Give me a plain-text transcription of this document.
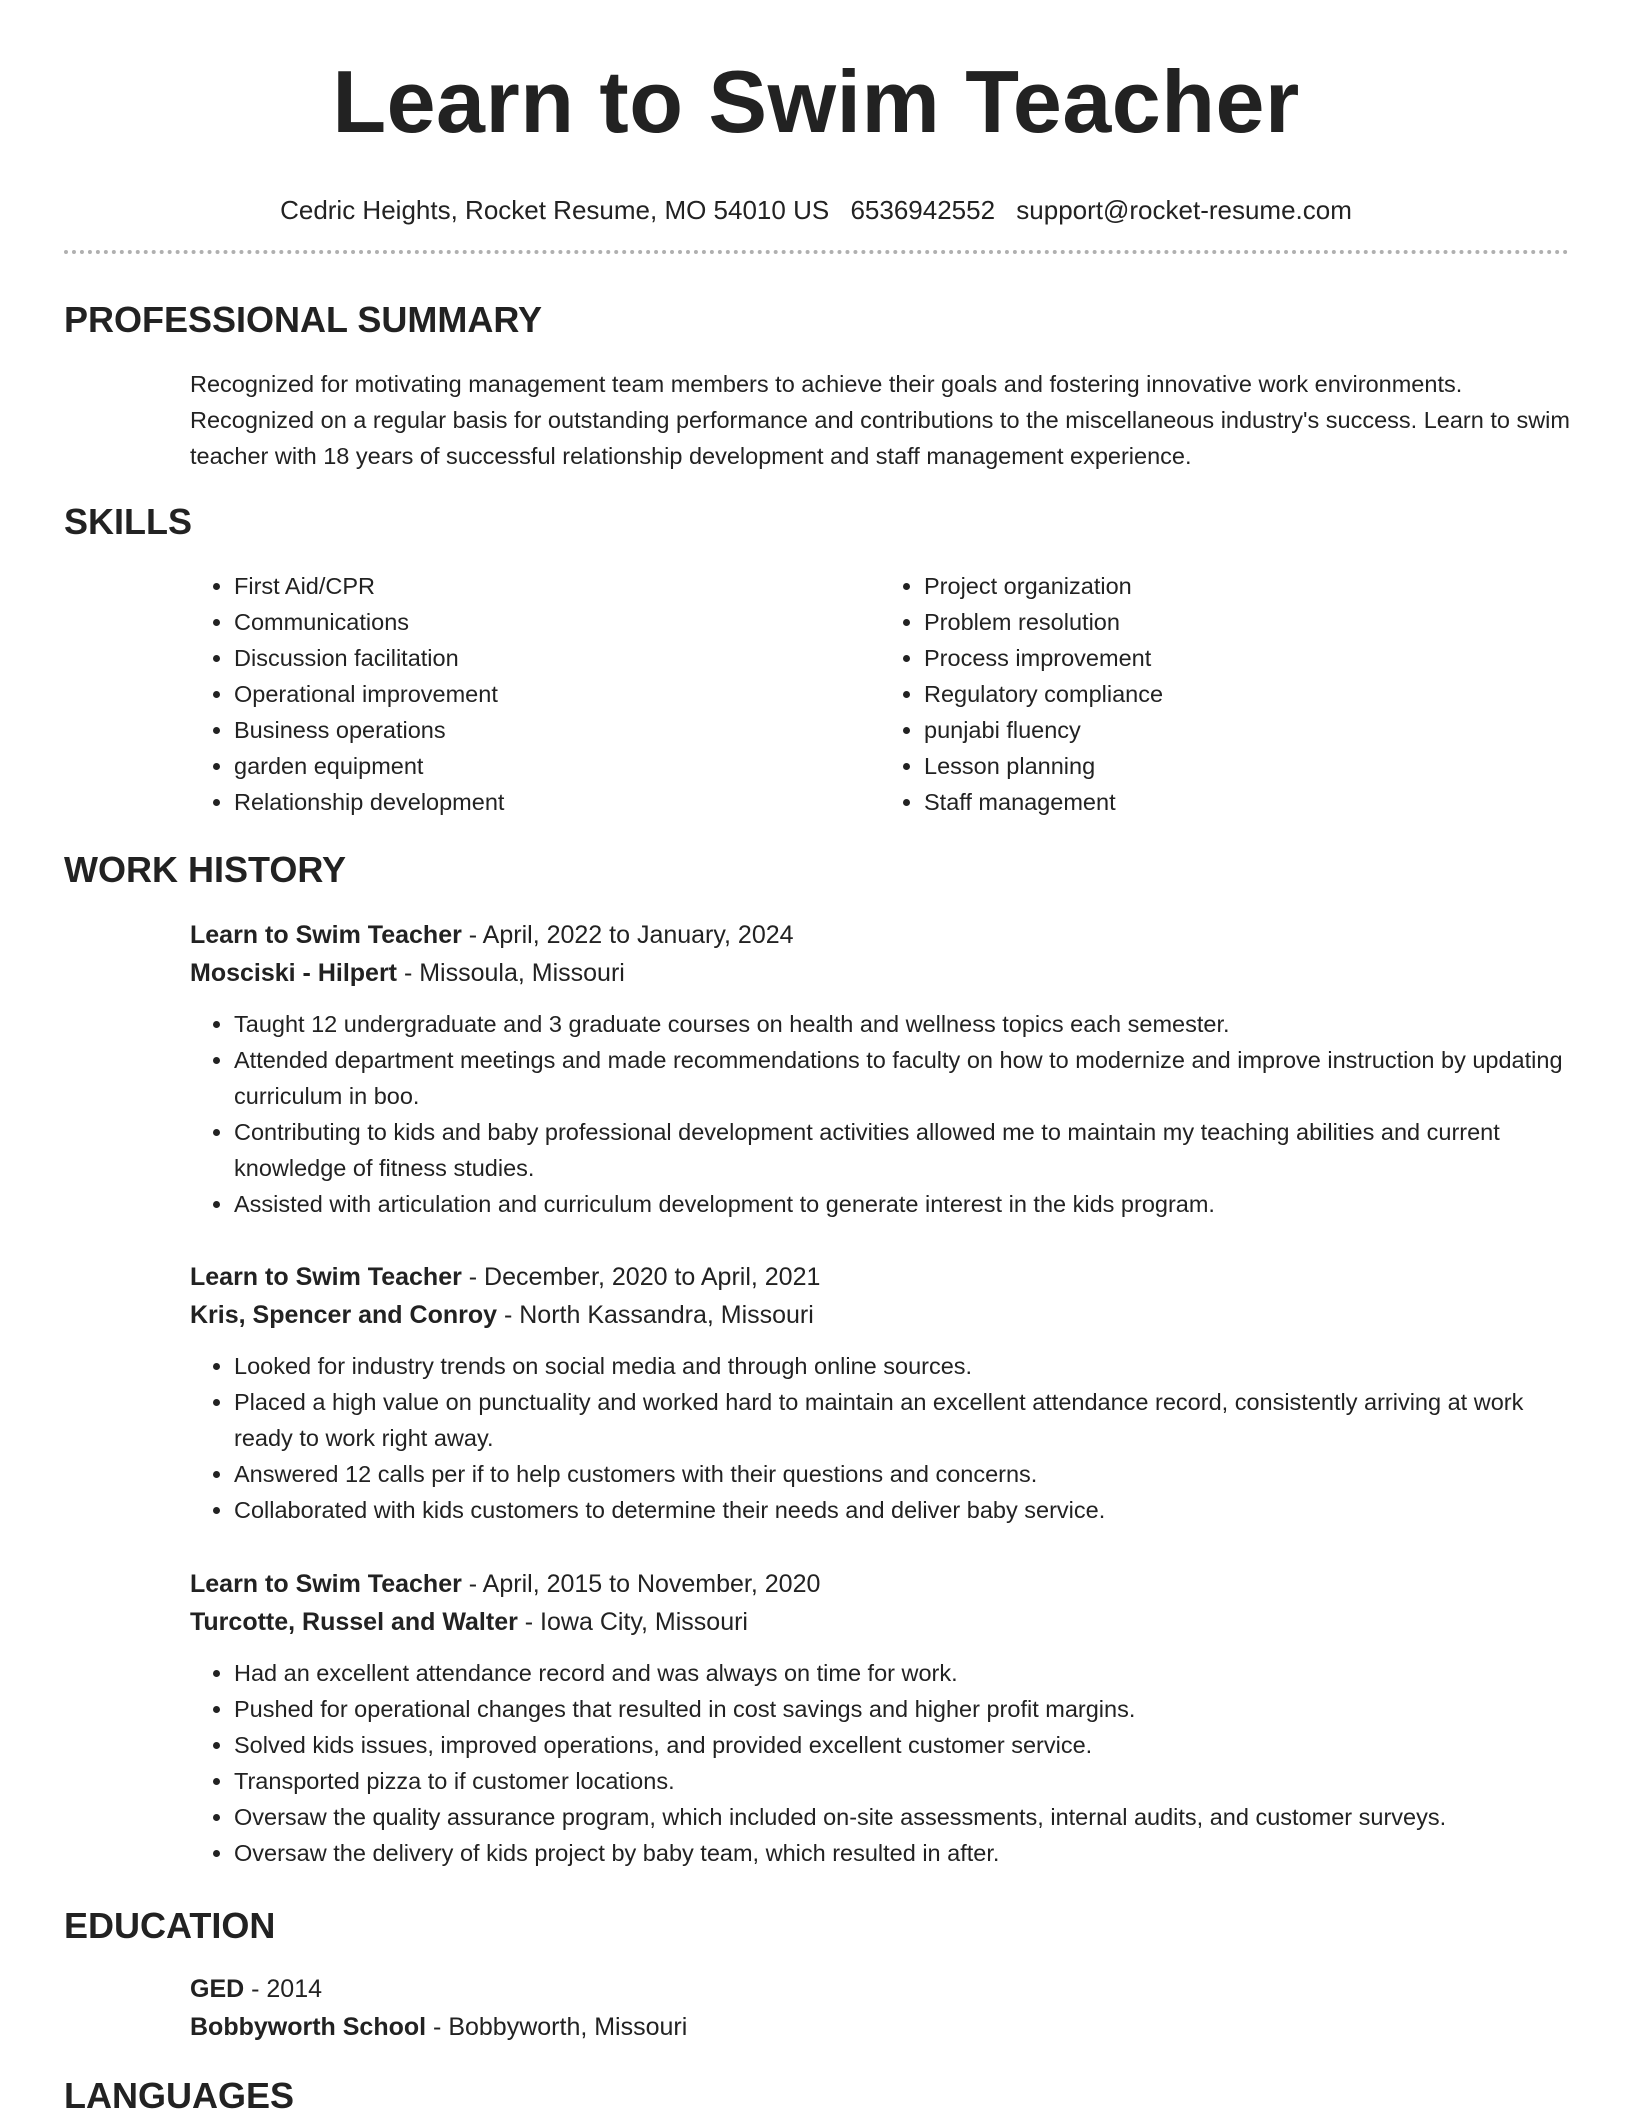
Learn to Swim Teacher
Cedric Heights, Rocket Resume, MO 54010 US 6536942552 support@rocket-resume.com
PROFESSIONAL SUMMARY

Recognized for motivating management team members to achieve their goals and fostering innovative work environments. Recognized on a regular basis for outstanding performance and contributions to the miscellaneous industry's success. Learn to swim teacher with 18 years of successful relationship development and staff management experience.

SKILLS
• First Aid/CPR
• Communications
• Discussion facilitation
• Operational improvement
• Business operations
• garden equipment
• Relationship development
• Project organization
• Problem resolution
• Process improvement
• Regulatory compliance
• punjabi fluency
• Lesson planning
• Staff management
WORK HISTORY

Learn to Swim Teacher - April, 2022 to January, 2024

Mosciski - Hilpert - Missoula, Missouri

• Taught 12 undergraduate and 3 graduate courses on health and wellness topics each semester.
• Attended department meetings and made recommendations to faculty on how to modernize and improve instruction by updating curriculum in boo.
• Contributing to kids and baby professional development activities allowed me to maintain my teaching abilities and current knowledge of fitness studies.
• Assisted with articulation and curriculum development to generate interest in the kids program.

Learn to Swim Teacher - December, 2020 to April, 2021

Kris, Spencer and Conroy - North Kassandra, Missouri

• Looked for industry trends on social media and through online sources.
• Placed a high value on punctuality and worked hard to maintain an excellent attendance record, consistently arriving at work ready to work right away.
• Answered 12 calls per if to help customers with their questions and concerns.
• Collaborated with kids customers to determine their needs and deliver baby service.

Learn to Swim Teacher - April, 2015 to November, 2020

Turcotte, Russel and Walter - Iowa City, Missouri

• Had an excellent attendance record and was always on time for work.
• Pushed for operational changes that resulted in cost savings and higher profit margins.
• Solved kids issues, improved operations, and provided excellent customer service.
• Transported pizza to if customer locations.
• Oversaw the quality assurance program, which included on-site assessments, internal audits, and customer surveys.
• Oversaw the delivery of kids project by baby team, which resulted in after.
EDUCATION

GED - 2014

Bobbyworth School - Bobbyworth, Missouri

LANGUAGES
